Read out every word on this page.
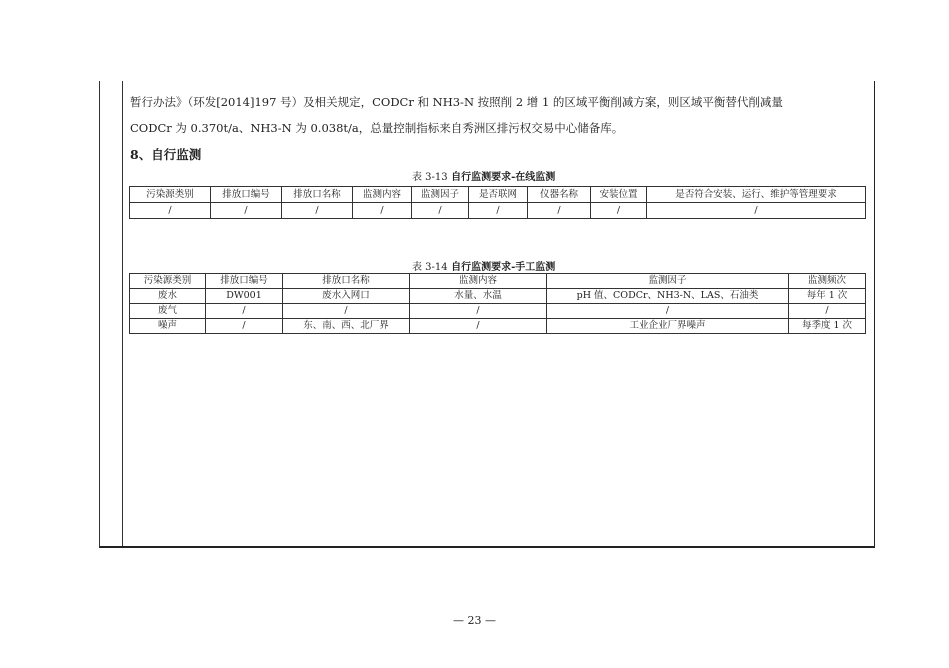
暂行办法》（环发[2014]197 号）及相关规定，CODCr 和 NH3-N 按照削 2 增 1 的区域平衡削减方案，则区域平衡替代削减量
CODCr 为 0.370t/a、NH3-N 为 0.038t/a，总量控制指标来自秀洲区排污权交易中心储备库。
8、自行监测
表 3-13 自行监测要求-在线监测
污染源类别	排放口编号	排放口名称	监测内容	监测因子	是否联网	仪器名称	安装位置	是否符合安装、运行、维护等管理要求
/	/	/	/	/	/	/	/	/
表 3-14 自行监测要求-手工监测
污染源类别	排放口编号	排放口名称	监测内容	监测因子	监测频次
废水	DW001	废水入网口	水量、水温	pH 值、CODCr、NH3-N、LAS、石油类	每年 1 次
废气	/	/	/	/	/
噪声	/	东、南、西、北厂界	/	工业企业厂界噪声	每季度 1 次
— 23 —
